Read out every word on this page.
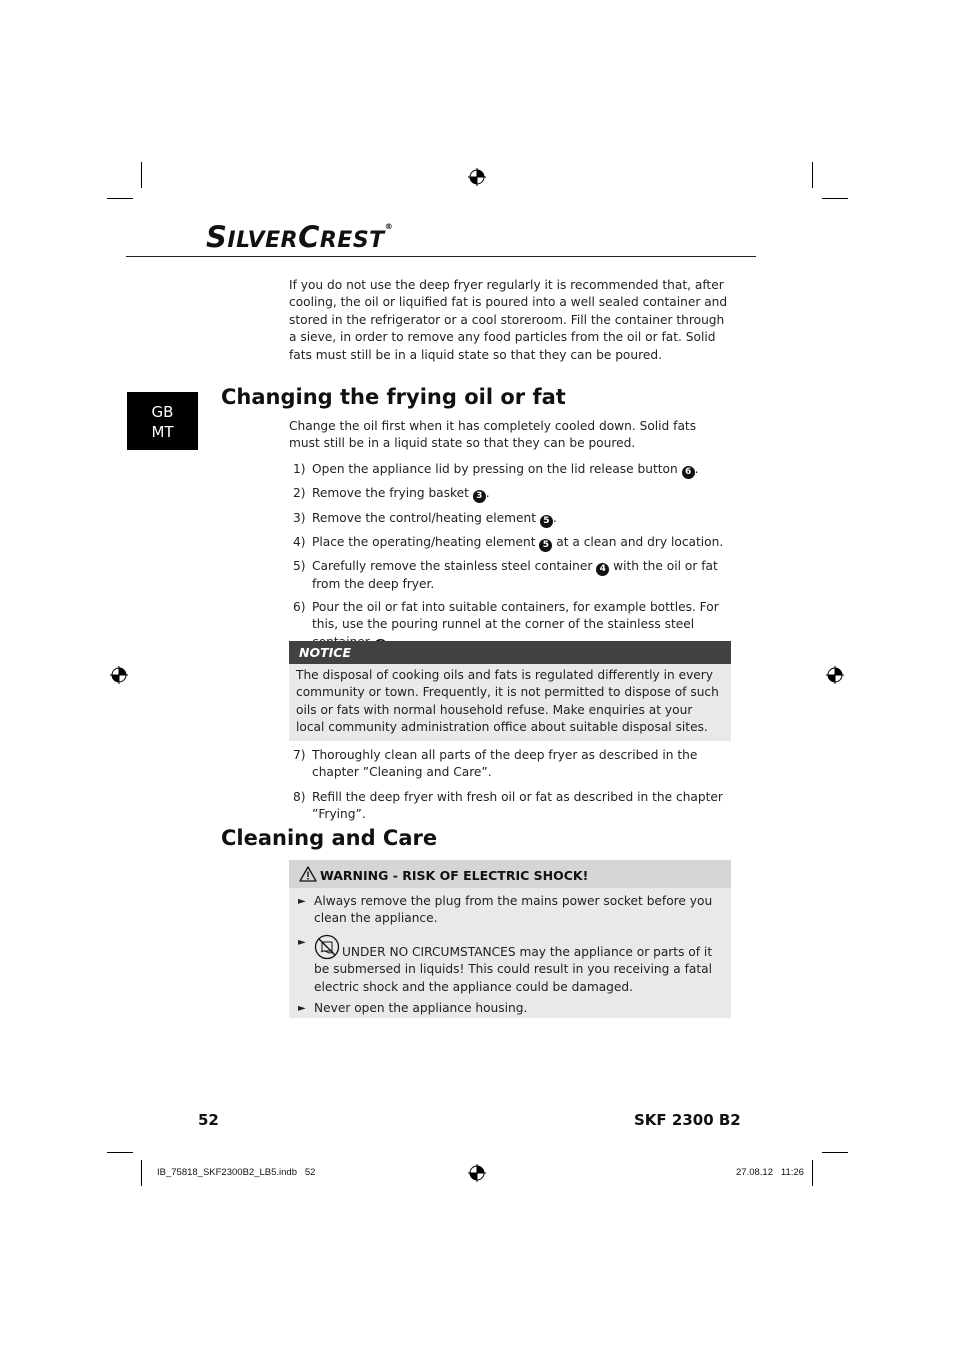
SILVERCREST®
If you do not use the deep fryer regularly it is recommended that, after cooling, the oil or liquified fat is poured into a well sealed container and stored in the refrigerator or a cool storeroom. Fill the container through a sieve, in order to remove any food particles from the oil or fat. Solid fats must still be in a liquid state so that they can be poured.
GB
MT
Changing the frying oil or fat
Change the oil first when it has completely cooled down. Solid fats must still be in a liquid state so that they can be poured.
1) Open the appliance lid by pressing on the lid release button 6 .
2) Remove the frying basket 3 .
3) Remove the control/heating element 5 .
4) Place the operating/heating element 5 at a clean and dry location.
5) Carefully remove the stainless steel container 4 with the oil or fat from the deep fryer.
6) Pour the oil or fat into suitable containers, for example bottles. For this, use the pouring runnel at the corner of the stainless steel
NOTICE
The disposal of cooking oils and fats is regulated differently in every community or town. Frequently, it is not permitted to dispose of such oils or fats with normal household refuse. Make enquiries at your local community administration office about suitable disposal sites.
7) Thoroughly clean all parts of the deep fryer as described in the chapter ”Cleaning and Care”.
8) Refill the deep fryer with fresh oil or fat as described in the chapter ”Frying”.
Cleaning and Care
WARNING - RISK OF ELECTRIC SHOCK!
► Always remove the plug from the mains power socket before you clean the appliance.
►
UNDER NO CIRCUMSTANCES may the appliance or parts of it be submersed in liquids! This could result in you receiving a fatal electric shock and the appliance could be damaged.
► Never open the appliance housing.
52	SKF 2300 B2
IB_75818_SKF2300B2_LB5.indb   52	27.08.12   11:26
